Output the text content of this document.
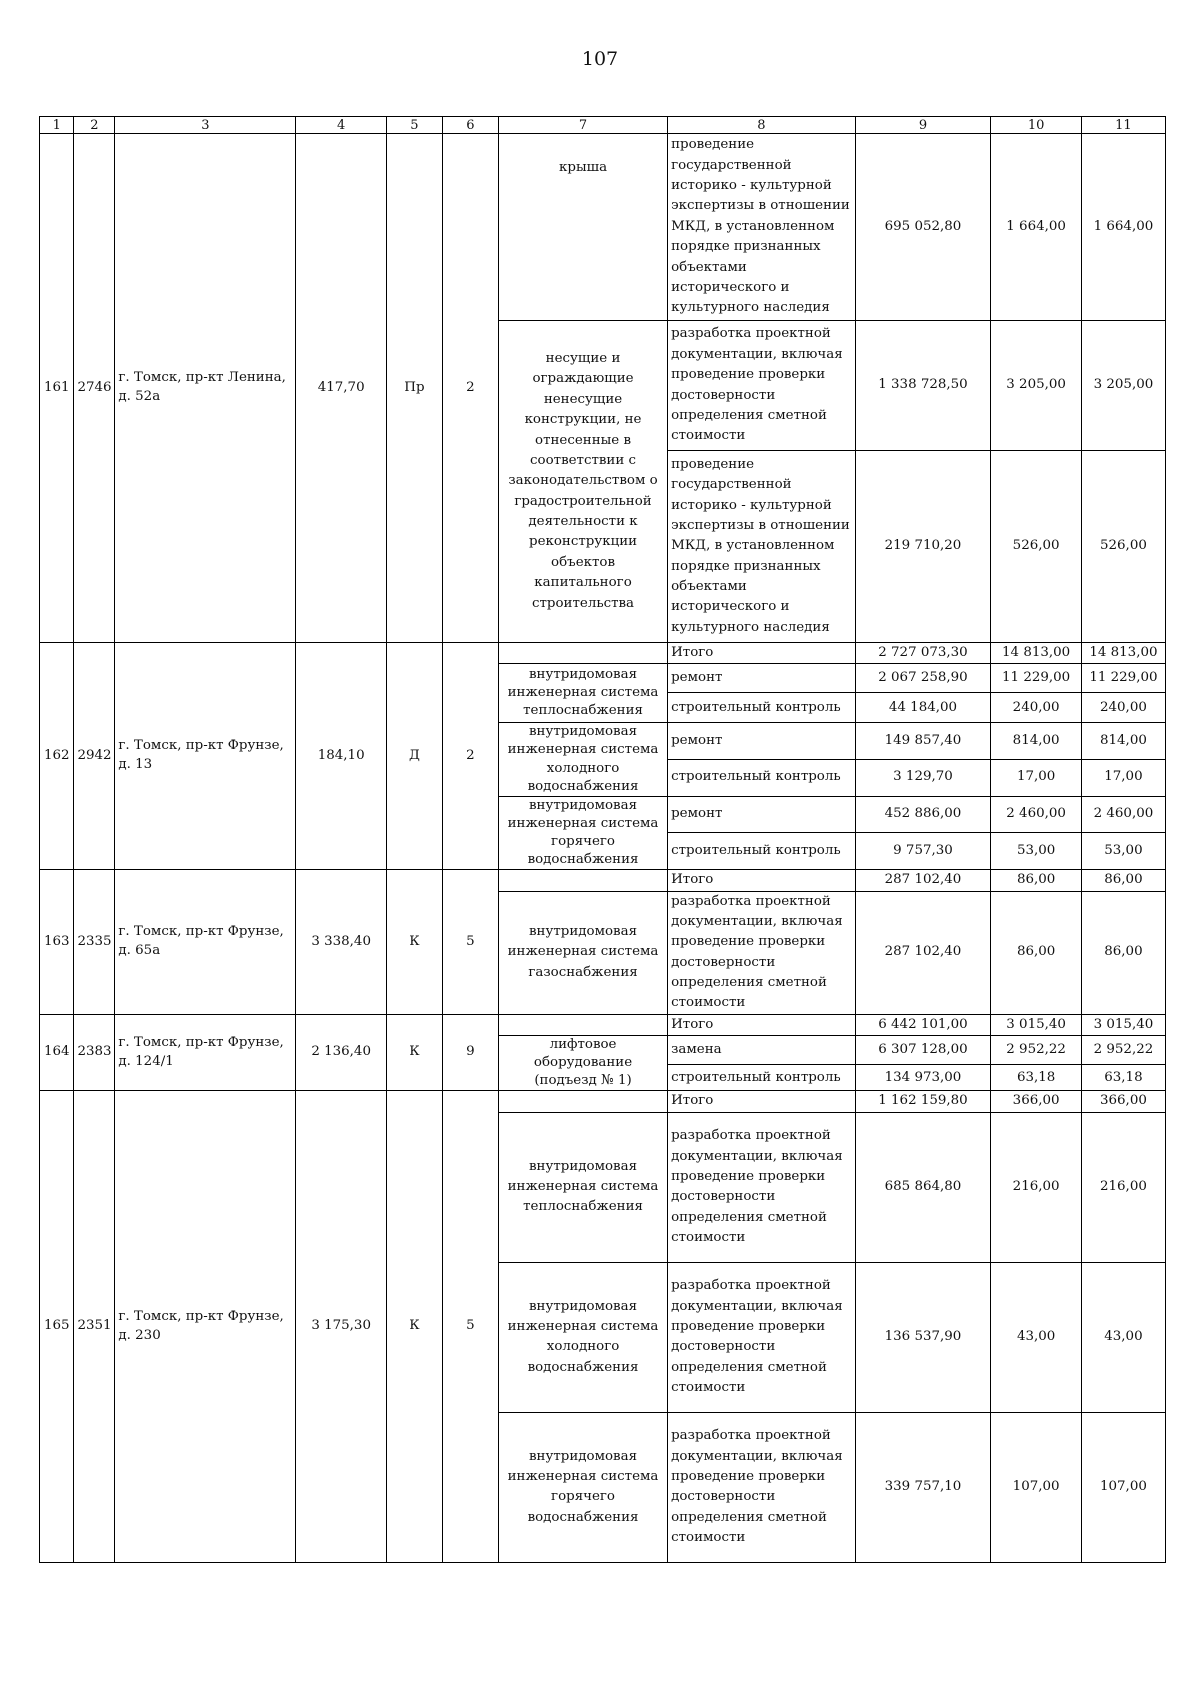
107
1	2	3	4	5	6	7	8	9	10	11
161	2746	г. Томск, пр-кт Ленина, д. 52а	417,70	Пр	2	крыша	проведение государственной историко - культурной экспертизы в отношении МКД, в установленном порядке признанных объектами исторического и культурного наследия	695 052,80	1 664,00	1 664,00
						несущие и ограждающие ненесущие конструкции, не отнесенные в соответствии с законодательством о градостроительной деятельности к реконструкции объектов капитального строительства	разработка проектной документации, включая проведение проверки достоверности определения сметной стоимости	1 338 728,50	3 205,00	3 205,00
							проведение государственной историко - культурной экспертизы в отношении МКД, в установленном порядке признанных объектами исторического и культурного наследия	219 710,20	526,00	526,00
162	2942	г. Томск, пр-кт Фрунзе, д. 13	184,10	Д	2		Итого	2 727 073,30	14 813,00	14 813,00
						внутридомовая инженерная система теплоснабжения	ремонт	2 067 258,90	11 229,00	11 229,00
							строительный контроль	44 184,00	240,00	240,00
						внутридомовая инженерная система холодного водоснабжения	ремонт	149 857,40	814,00	814,00
							строительный контроль	3 129,70	17,00	17,00
						внутридомовая инженерная система горячего водоснабжения	ремонт	452 886,00	2 460,00	2 460,00
							строительный контроль	9 757,30	53,00	53,00
163	2335	г. Томск, пр-кт Фрунзе, д. 65а	3 338,40	К	5		Итого	287 102,40	86,00	86,00
						внутридомовая инженерная система газоснабжения	разработка проектной документации, включая проведение проверки достоверности определения сметной стоимости	287 102,40	86,00	86,00
164	2383	г. Томск, пр-кт Фрунзе, д. 124/1	2 136,40	К	9		Итого	6 442 101,00	3 015,40	3 015,40
						лифтовое оборудование (подъезд № 1)	замена	6 307 128,00	2 952,22	2 952,22
							строительный контроль	134 973,00	63,18	63,18
165	2351	г. Томск, пр-кт Фрунзе, д. 230	3 175,30	К	5		Итого	1 162 159,80	366,00	366,00
						внутридомовая инженерная система теплоснабжения	разработка проектной документации, включая проведение проверки достоверности определения сметной стоимости	685 864,80	216,00	216,00
						внутридомовая инженерная система холодного водоснабжения	разработка проектной документации, включая проведение проверки достоверности определения сметной стоимости	136 537,90	43,00	43,00
						внутридомовая инженерная система горячего водоснабжения	разработка проектной документации, включая проведение проверки достоверности определения сметной стоимости	339 757,10	107,00	107,00
